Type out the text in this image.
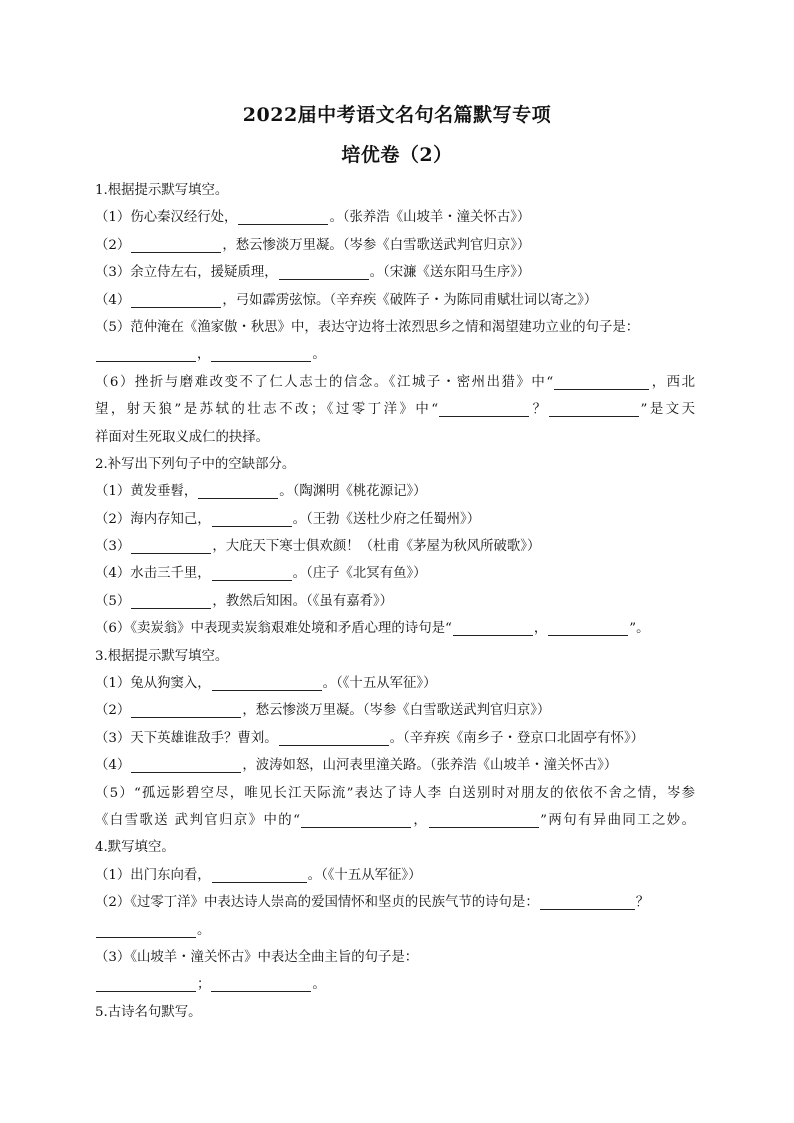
2022届中考语文名句名篇默写专项
培优卷（2）
1.根据提示默写填空。
（1）伤心秦汉经行处，	。（张养浩《山坡羊・潼关怀古》）
（2）	，愁云惨淡万里凝。（岑参《白雪歌送武判官归京》）
（3）余立侍左右，援疑质理，	。（宋濂《送东阳马生序》）
（4）	，弓如霹雳弦惊。（辛弃疾《破阵子・为陈同甫赋壮词以寄之》）
（5）范仲淹在《渔家傲・秋思》中，表达守边将士浓烈思乡之情和渴望建功立业的句子是：
，	。
（6）挫折与磨难改变不了仁人志士的信念。《江城子・密州出猎》中“	，西北
望，射天狼”是苏轼的壮志不改；《过零丁洋》中“	？	”是文天
祥面对生死取义成仁的抉择。
2.补写出下列句子中的空缺部分。
（1）黄发垂髫，	。（陶渊明《桃花源记》）
（2）海内存知己，	。（王勃《送杜少府之任蜀州》）
（3）	，大庇天下寒士俱欢颜！（杜甫《茅屋为秋风所破歌》）
（4）水击三千里，	。（庄子《北冥有鱼》）
（5）	，教然后知困。（《虽有嘉肴》）
（6）《卖炭翁》中表现卖炭翁艰难处境和矛盾心理的诗句是“	，	”。
3.根据提示默写填空。
（1）兔从狗窦入，	。（《十五从军征》）
（2）	，愁云惨淡万里凝。（岑参《白雪歌送武判官归京》）
（3）天下英雄谁敌手？曹刘。	。（辛弃疾《南乡子・登京口北固亭有怀》）
（4）	，波涛如怒，山河表里潼关路。（张养浩《山坡羊・潼关怀古》）
（5）“孤远影碧空尽，唯见长江天际流”表达了诗人李 白送别时对朋友的依依不舍之情，岑参
《白雪歌送 武判官归京》中的“	，	”两句有异曲同工之妙。
4.默写填空。
（1）出门东向看，	。（《十五从军征》）
（2）《过零丁洋》中表达诗人崇高的爱国情怀和坚贞的民族气节的诗句是：	？
。
（3）《山坡羊・潼关怀古》中表达全曲主旨的句子是：
；	。
5.古诗名句默写。
